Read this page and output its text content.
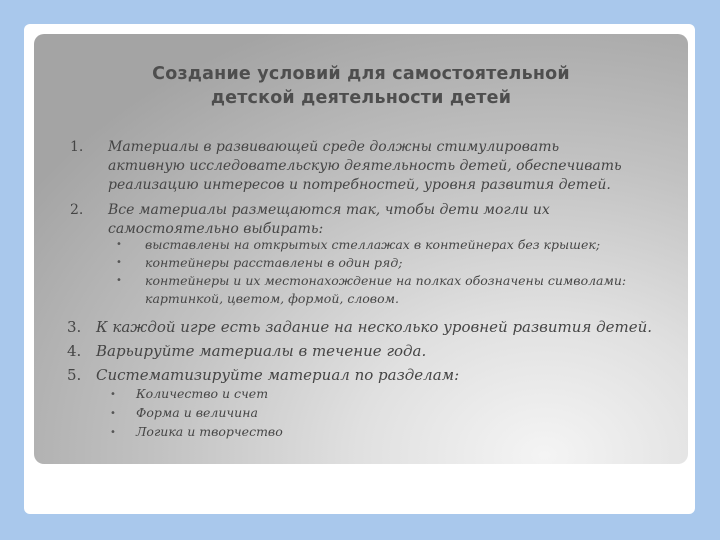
Создание условий для самостоятельной
детской деятельности детей
1. Материалы в развивающей среде должны стимулировать
активную исследовательскую деятельность детей, обеспечивать
реализацию интересов и потребностей, уровня развития детей.
2. Все материалы размещаются так, чтобы дети могли их
самостоятельно выбирать:
• выставлены на открытых стеллажах в контейнерах без крышек;
• контейнеры расставлены в один ряд;
• контейнеры и их местонахождение на полках обозначены символами:
картинкой, цветом, формой, словом.
3. К каждой игре есть задание на несколько уровней развития детей.
4. Варьируйте материалы в течение года.
5. Систематизируйте материал по разделам:
• Количество и счет
• Форма и величина
• Логика и творчество
